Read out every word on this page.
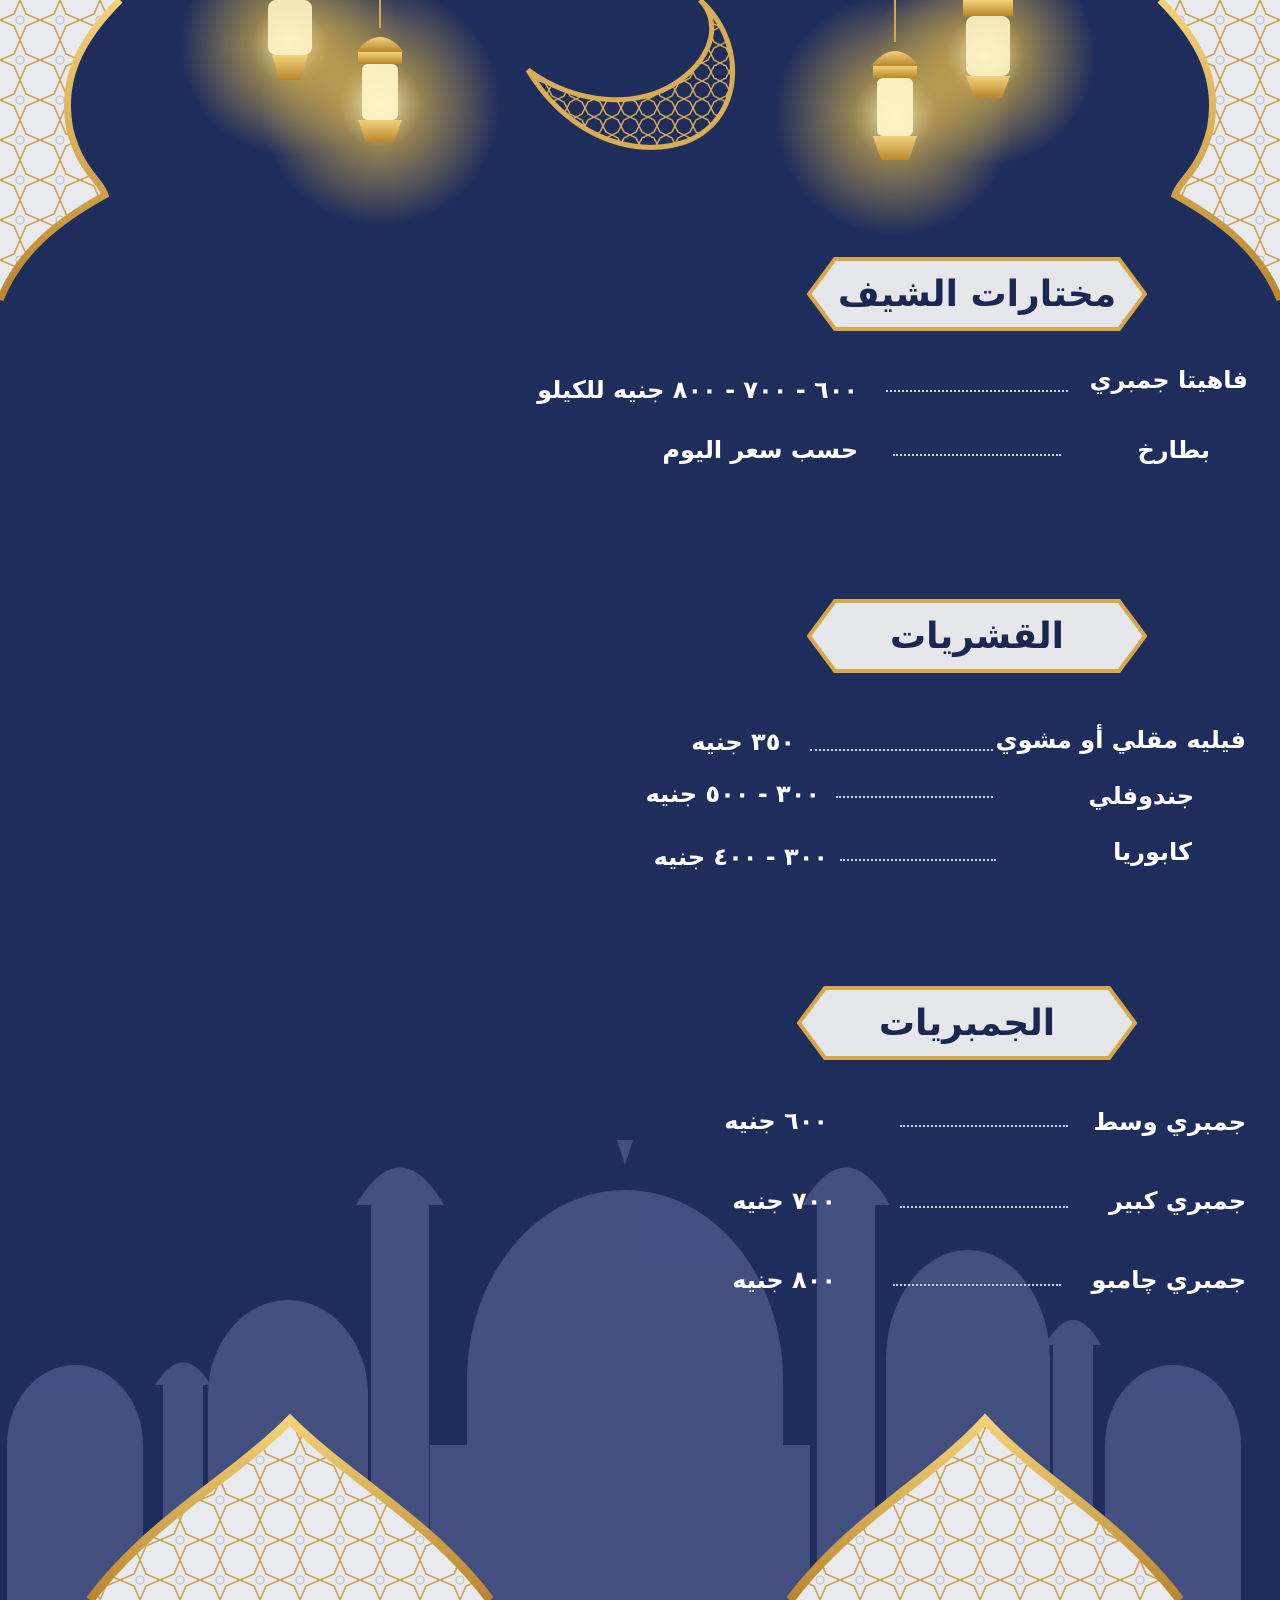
مختارات الشيف
فاهيتا جمبري
٦٠٠ - ٧٠٠ - ٨٠٠ جنيه للكيلو
بطارخ
حسب سعر اليوم
القشريات
فيليه مقلي أو مشوي
٣٥٠ جنيه
جندوفلي
٣٠٠ - ٥٠٠ جنيه
كابوريا
٣٠٠ - ٤٠٠ جنيه
الجمبريات
جمبري وسط
٦٠٠ جنيه
جمبري كبير
٧٠٠ جنيه
جمبري چامبو
٨٠٠ جنيه
